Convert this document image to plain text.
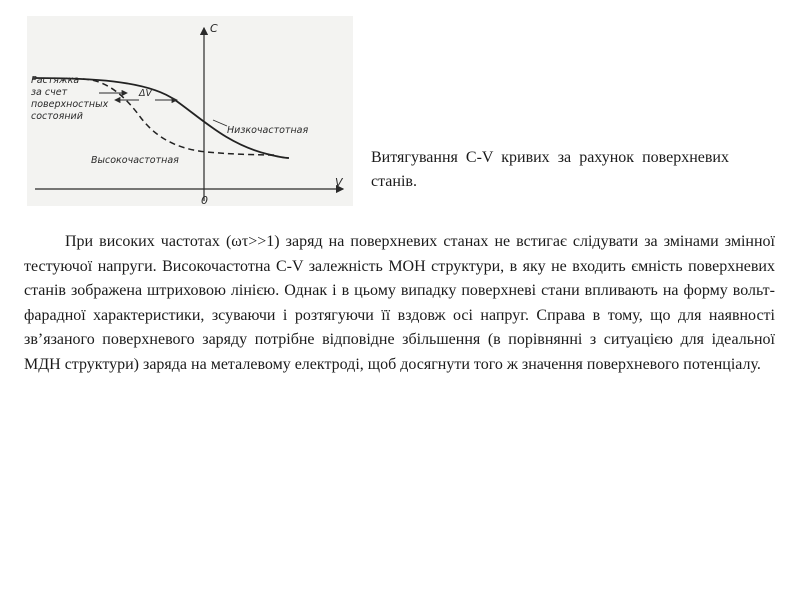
C
V
0
Растяжка
за счет
поверхностных
состояний
ΔV
Низкочастотная
Высокочастотная	Витягування C-V кривих за рахунок поверхневих станів.

При високих частотах (ωτ>>1) заряд на поверхневих станах не встигає слідувати за змінами змінної тестуючої напруги. Високочастотна C-V залежність МОН структури, в яку не входить ємність поверхневих станів зображена штриховою лінією. Однак і в цьому випадку поверхневі стани впливають на форму вольт-фарадної характеристики, зсуваючи і розтягуючи її вздовж осі напруг. Справа в тому, що для наявності зв’язаного поверхневого заряду потрібне відповідне збільшення (в порівнянні з ситуацією для ідеальної МДН структури) заряда на металевому електроді, щоб досягнути того ж значення поверхневого потенціалу.
